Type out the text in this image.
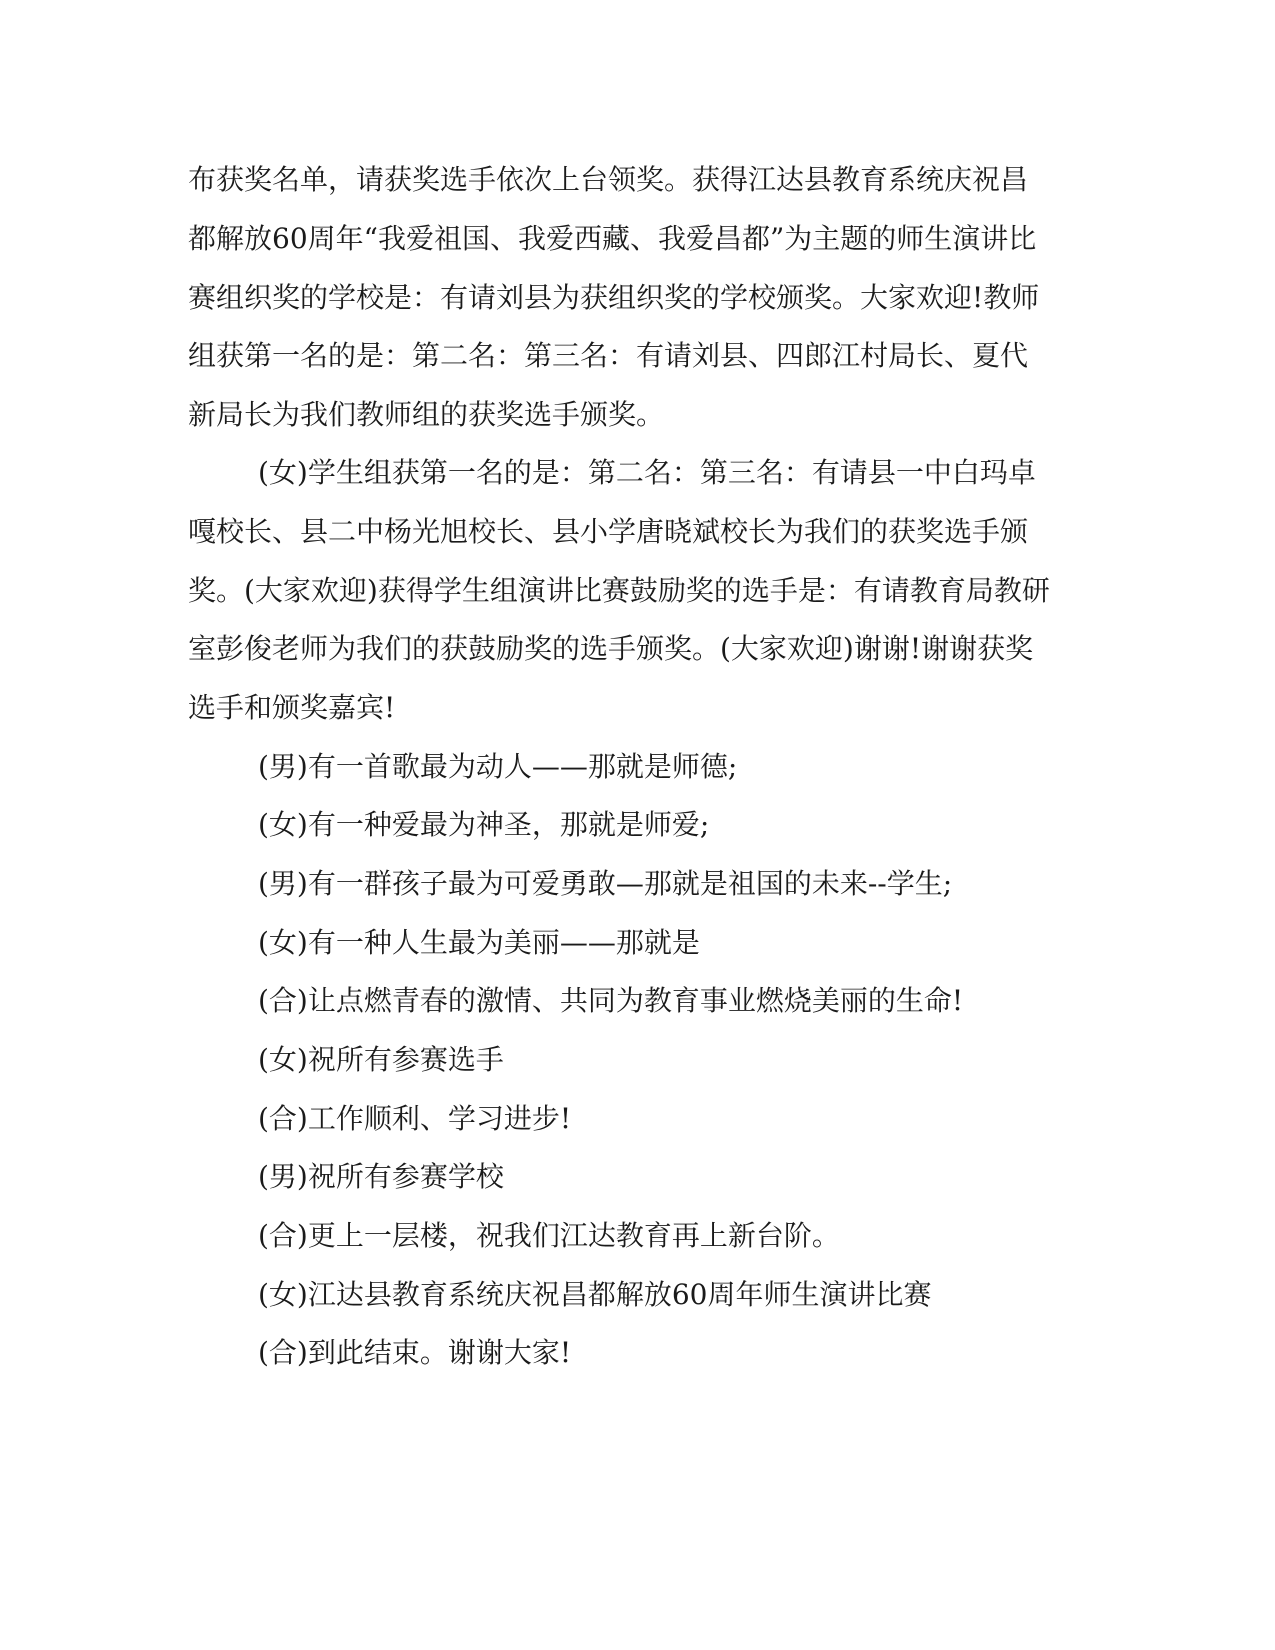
布获奖名单，请获奖选手依次上台领奖。获得江达县教育系统庆祝昌
都解放60周年“我爱祖国、我爱西藏、我爱昌都”为主题的师生演讲比
赛组织奖的学校是：有请刘县为获组织奖的学校颁奖。大家欢迎!教师
组获第一名的是：第二名：第三名：有请刘县、四郎江村局长、夏代
新局长为我们教师组的获奖选手颁奖。
(女)学生组获第一名的是：第二名：第三名：有请县一中白玛卓
嘎校长、县二中杨光旭校长、县小学唐晓斌校长为我们的获奖选手颁
奖。(大家欢迎)获得学生组演讲比赛鼓励奖的选手是：有请教育局教研
室彭俊老师为我们的获鼓励奖的选手颁奖。(大家欢迎)谢谢!谢谢获奖
选手和颁奖嘉宾!
(男)有一首歌最为动人——那就是师德;
(女)有一种爱最为神圣，那就是师爱;
(男)有一群孩子最为可爱勇敢—那就是祖国的未来--学生;
(女)有一种人生最为美丽——那就是
(合)让点燃青春的激情、共同为教育事业燃烧美丽的生命!
(女)祝所有参赛选手
(合)工作顺利、学习进步!
(男)祝所有参赛学校
(合)更上一层楼，祝我们江达教育再上新台阶。
(女)江达县教育系统庆祝昌都解放60周年师生演讲比赛
(合)到此结束。谢谢大家!
